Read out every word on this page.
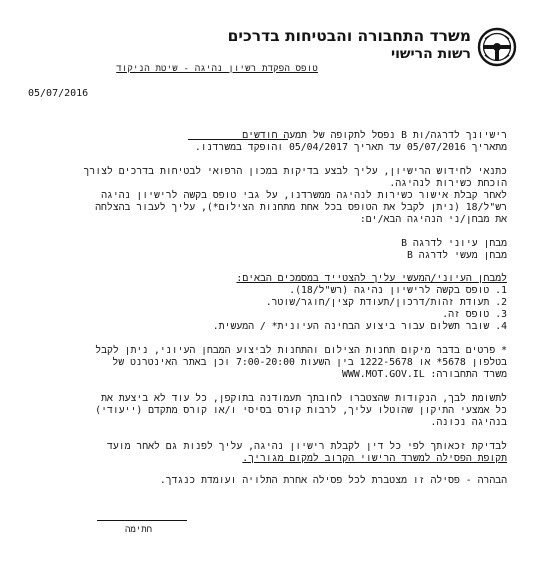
משרד התחבורה והבטיחות בדרכים
רשות הרישוי
טופס הפקדת רשיון נהיגה - שיטת הניקוד
05/07/2016
רישיונך לדרגה/ות B נפסל לתקופה של תמעה חודשים
מתאריך 05/07/2016 עד תאריך 05/04/2017 והופקד במשרדנו.
כתנאי לחידוש הרישיון, עליך לבצע בדיקות במכון הרפואי לבטיחות בדרכים לצורך
הוכחת כשירות לנהיגה.
לאחר קבלת אישור כשירות לנהיגה ממשרדנו, על גבי טופס בקשה לרישיון נהיגה
רש"ל/18 (ניתן לקבל את הטופס בכל אחת מתחנות הצילום*), עליך לעבור בהצלחה
את מבחן/ני הנהיגה הבא/ים:
מבחן עיוני לדרגה B
מבחן מעשי לדרגה B
למבחן העיוני/המעשי עליך להצטייד במסמכים הבאים:
1. טופס בקשה לרישיון נהיגה (רש"ל/18).
2. תעודת זהות/דרכון/תעודת קצין/חוגר/שוטר.
3. טופס זה.
4. שובר תשלום עבור ביצוע הבחינה העיונית* / המעשית.
* פרטים בדבר מיקום תחנות הצילום והתחנות לביצוע המבחן העיוני, ניתן לקבל
בטלפון 5678* או 1222-5678 בין השעות 7:00-20:00 וכן באתר האינטרנט של
משרד התחבורה: WWW.MOT.GOV.IL
לתשומת לבך, הנקודות שהצטברו לחובתך תעמודנה בתוקפן, כל עוד לא ביצעת את
כל אמצעי התיקון שהוטלו עליך, לרבות קורס בסיסי ו/או קורס מתקדם (ייעודי)
בנהיגה נכונה.
לבדיקת זכאותך לפי כל דין לקבלת רישיון נהיגה, עליך לפנות גם לאחר מועד
תקופת הפסילה למשרד הרישוי הקרוב למקום מגוריך.
הבהרה - פסילה זו מצטברת לכל פסילה אחרת התלויה ועומדת כנגדך.
חתימה
